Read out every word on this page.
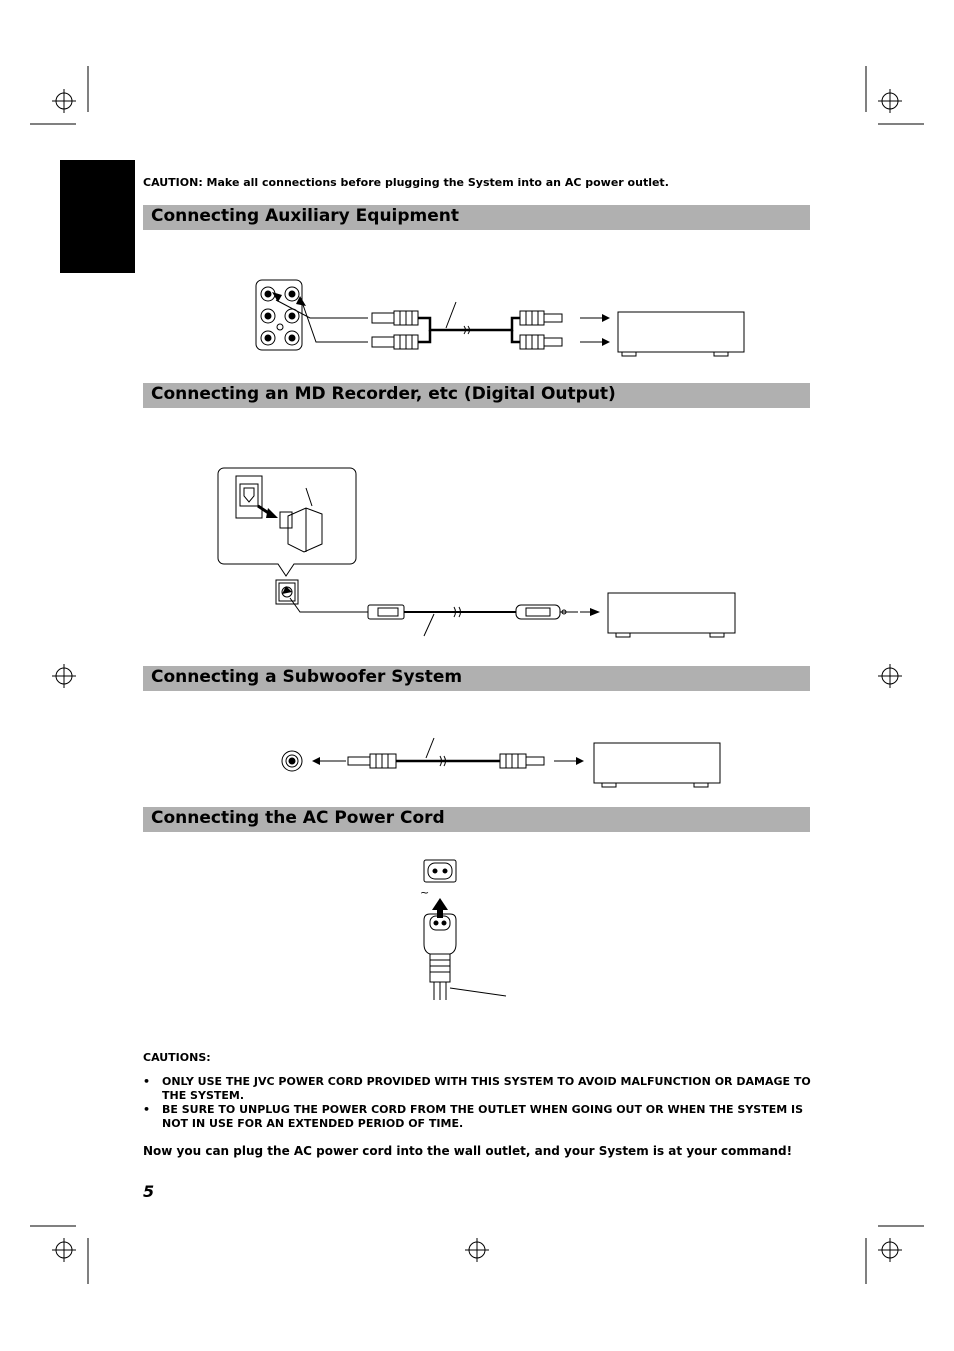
CAUTION: Make all connections before plugging the System into an AC power outlet.
Connecting Auxiliary Equipment
Connecting an MD Recorder, etc (Digital Output)
Connecting a Subwoofer System
Connecting the AC Power Cord
~
CAUTIONS:
• ONLY USE THE JVC POWER CORD PROVIDED WITH THIS SYSTEM TO AVOID MALFUNCTION OR DAMAGE TO THE SYSTEM.
• BE SURE TO UNPLUG THE POWER CORD FROM THE OUTLET WHEN GOING OUT OR WHEN THE SYSTEM IS NOT IN USE FOR AN EXTENDED PERIOD OF TIME.
Now you can plug the AC power cord into the wall outlet, and your System is at your command!
5
